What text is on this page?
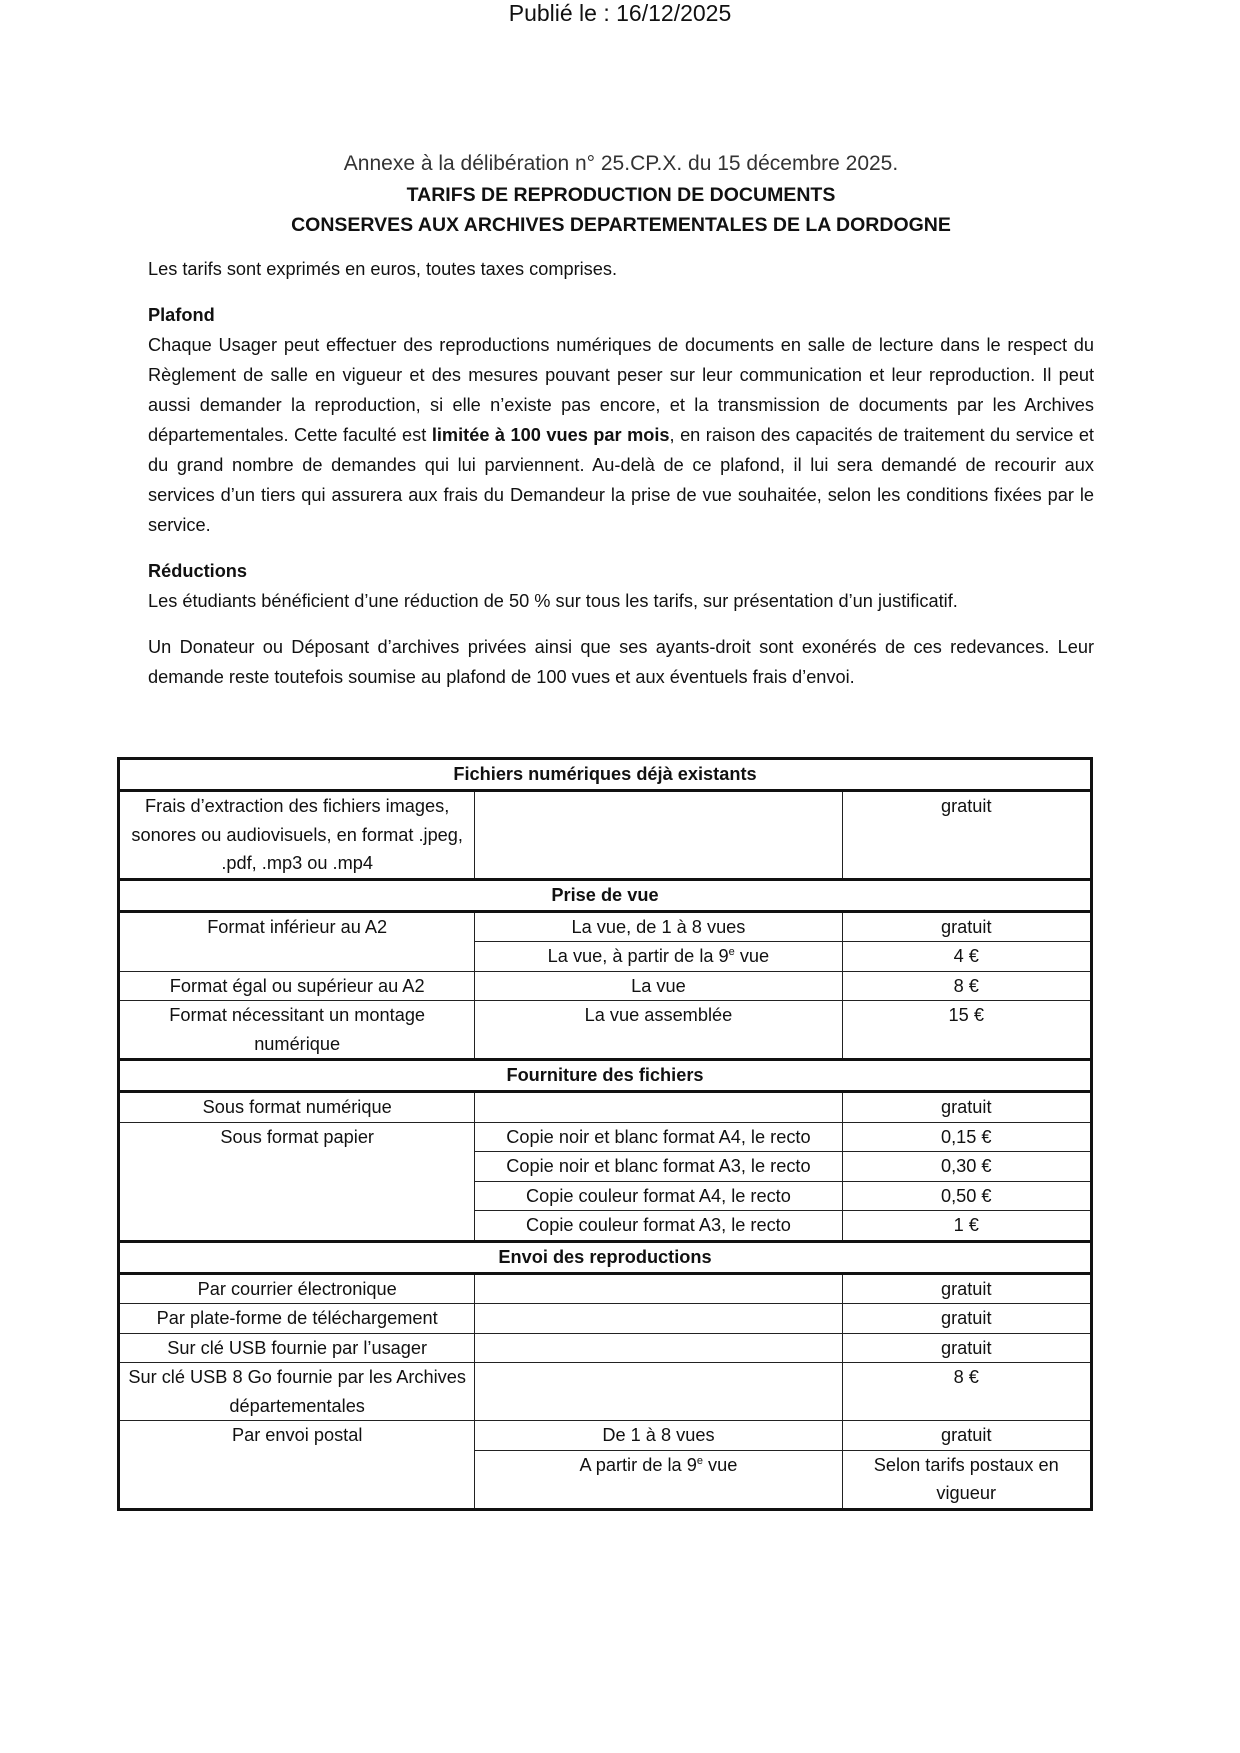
Publié le : 16/12/2025
Annexe à la délibération n° 25.CP.X. du 15 décembre 2025.
TARIFS DE REPRODUCTION DE DOCUMENTS
CONSERVES AUX ARCHIVES DEPARTEMENTALES DE LA DORDOGNE

Les tarifs sont exprimés en euros, toutes taxes comprises.

Plafond

Chaque Usager peut effectuer des reproductions numériques de documents en salle de lecture dans le respect du Règlement de salle en vigueur et des mesures pouvant peser sur leur communication et leur reproduction. Il peut aussi demander la reproduction, si elle n’existe pas encore, et la transmission de documents par les Archives départementales. Cette faculté est limitée à 100 vues par mois, en raison des capacités de traitement du service et du grand nombre de demandes qui lui parviennent. Au-delà de ce plafond, il lui sera demandé de recourir aux services d’un tiers qui assurera aux frais du Demandeur la prise de vue souhaitée, selon les conditions fixées par le service.

Réductions

Les étudiants bénéficient d’une réduction de 50 % sur tous les tarifs, sur présentation d’un justificatif.

Un Donateur ou Déposant d’archives privées ainsi que ses ayants-droit sont exonérés de ces redevances. Leur demande reste toutefois soumise au plafond de 100 vues et aux éventuels frais d’envoi.

Fichiers numériques déjà existants		
Frais d’extraction des fichiers images, sonores ou audiovisuels, en format .jpeg, .pdf, .mp3 ou .mp4		gratuit
Prise de vue		
Format inférieur au A2	La vue, de 1 à 8 vues	gratuit
	La vue, à partir de la 9e vue	4 €
Format égal ou supérieur au A2	La vue	8 €
Format nécessitant un montage numérique	La vue assemblée	15 €
Fourniture des fichiers		
Sous format numérique		gratuit
Sous format papier	Copie noir et blanc format A4, le recto	0,15 €
	Copie noir et blanc format A3, le recto	0,30 €
	Copie couleur format A4, le recto	0,50 €
	Copie couleur format A3, le recto	1 €
Envoi des reproductions		
Par courrier électronique		gratuit
Par plate-forme de téléchargement		gratuit
Sur clé USB fournie par l’usager		gratuit
Sur clé USB 8 Go fournie par les Archives départementales		8 €
Par envoi postal	De 1 à 8 vues	gratuit
	A partir de la 9e vue	Selon tarifs postaux en vigueur
